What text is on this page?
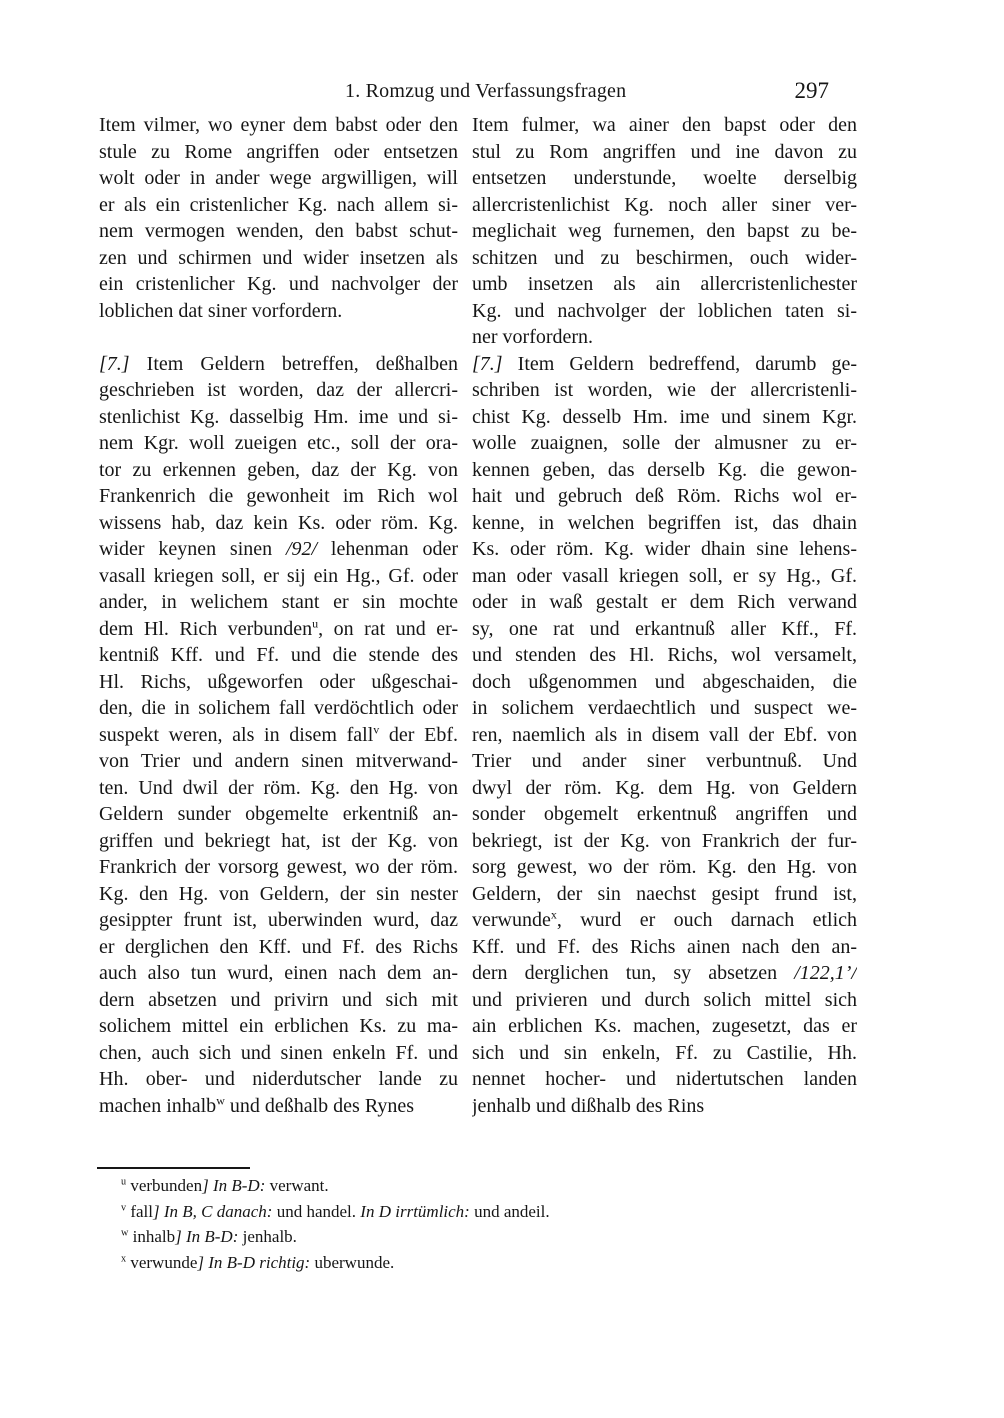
1. Romzug und Verfassungsfragen	297
Item vilmer, wo eyner dem babst oder den
stule zu Rome angriffen oder entsetzen
wolt oder in ander wege argwilligen, will
er als ein cristenlicher Kg. nach allem si-
nem vermogen wenden, den babst schut-
zen und schirmen und wider insetzen als
ein cristenlicher Kg. und nachvolger der
loblichen dat siner vorfordern.
[7.] Item Geldern betreffen, deßhalben
geschrieben ist worden, daz der allercri-
stenlichist Kg. dasselbig Hm. ime und si-
nem Kgr. woll zueigen etc., soll der ora-
tor zu erkennen geben, daz der Kg. von
Frankenrich die gewonheit im Rich wol
wissens hab, daz kein Ks. oder röm. Kg.
wider keynen sinen /92/ lehenman oder
vasall kriegen soll, er sij ein Hg., Gf. oder
ander, in welichem stant er sin mochte
dem Hl. Rich verbunden$^u$, on rat und er-
kentniß Kff. und Ff. und die stende des
Hl. Richs, ußgeworfen oder ußgeschai-
den, die in solichem fall verdöchtlich oder
suspekt weren, als in disem fall$^v$ der Ebf.
von Trier und andern sinen mitverwand-
ten. Und dwil der röm. Kg. den Hg. von
Geldern sunder obgemelte erkentniß an-
griffen und bekriegt hat, ist der Kg. von
Frankrich der vorsorg gewest, wo der röm.
Kg. den Hg. von Geldern, der sin nester
gesippter frunt ist, uberwinden wurd, daz
er derglichen den Kff. und Ff. des Richs
auch also tun wurd, einen nach dem an-
dern absetzen und privirn und sich mit
solichem mittel ein erblichen Ks. zu ma-
chen, auch sich und sinen enkeln Ff. und
Hh. ober- und niderdutscher lande zu
machen inhalb$^w$ und deßhalb des Rynes
Item fulmer, wa ainer den bapst oder den
stul zu Rom angriffen und ine davon zu
entsetzen understunde, woelte derselbig
allercristenlichist Kg. noch aller siner ver-
meglichait weg furnemen, den bapst zu be-
schitzen und zu beschirmen, ouch wider-
umb insetzen als ain allercristenlichester
Kg. und nachvolger der loblichen taten si-
ner vorfordern.
[7.] Item Geldern bedreffend, darumb ge-
schriben ist worden, wie der allercristenli-
chist Kg. desselb Hm. ime und sinem Kgr.
wolle zuaignen, solle der almusner zu er-
kennen geben, das derselb Kg. die gewon-
hait und gebruch deß Röm. Richs wol er-
kenne, in welchen begriffen ist, das dhain
Ks. oder röm. Kg. wider dhain sine lehens-
man oder vasall kriegen soll, er sy Hg., Gf.
oder in waß gestalt er dem Rich verwand
sy, one rat und erkantnuß aller Kff., Ff.
und stenden des Hl. Richs, wol versamelt,
doch ußgenommen und abgeschaiden, die
in solichem verdaechtlich und suspect we-
ren, naemlich als in disem vall der Ebf. von
Trier und ander siner verbuntnuß. Und
dwyl der röm. Kg. dem Hg. von Geldern
sonder obgemelt erkentnuß angriffen und
bekriegt, ist der Kg. von Frankrich der fur-
sorg gewest, wo der röm. Kg. den Hg. von
Geldern, der sin naechst gesipt frund ist,
verwunde$^x$, wurd er ouch darnach etlich
Kff. und Ff. des Richs ainen nach den an-
dern derglichen tun, sy absetzen /122,1’/
und privieren und durch solich mittel sich
ain erblichen Ks. machen, zugesetzt, das er
sich und sin enkeln, Ff. zu Castilie, Hh.
nennet hocher- und nidertutschen landen
jenhalb und dißhalb des Rins
$^u$ verbunden] In B-D: verwant.
$^v$ fall] In B, C danach: und handel. In D irrtümlich: und andeil.
$^w$ inhalb] In B-D: jenhalb.
$^x$ verwunde] In B-D richtig: uberwunde.
